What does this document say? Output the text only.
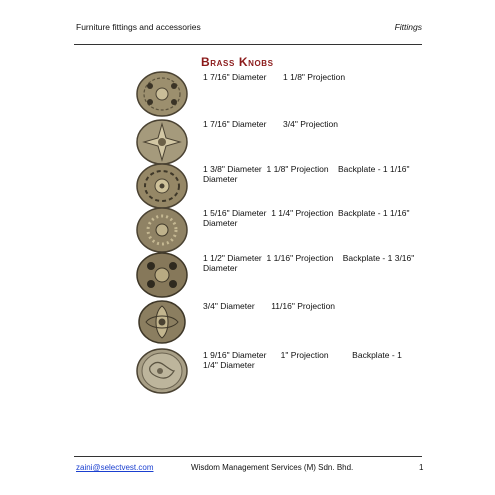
Furniture fittings and accessories	Fittings
Brass Knobs
1 7/16" Diameter       1 1/8" Projection
1 7/16" Diameter       3/4" Projection
1 3/8" Diameter  1 1/8" Projection    Backplate - 1 1/16" Diameter
1 5/16" Diameter  1 1/4" Projection  Backplate - 1 1/16" Diameter
1 1/2" Diameter  1 1/16" Projection    Backplate - 1 3/16" Diameter
3/4" Diameter       11/16" Projection
1 9/16" Diameter      1" Projection          Backplate - 1 1/4" Diameter
zaini@selectvest.com	Wisdom Management Services (M) Sdn. Bhd.	1
